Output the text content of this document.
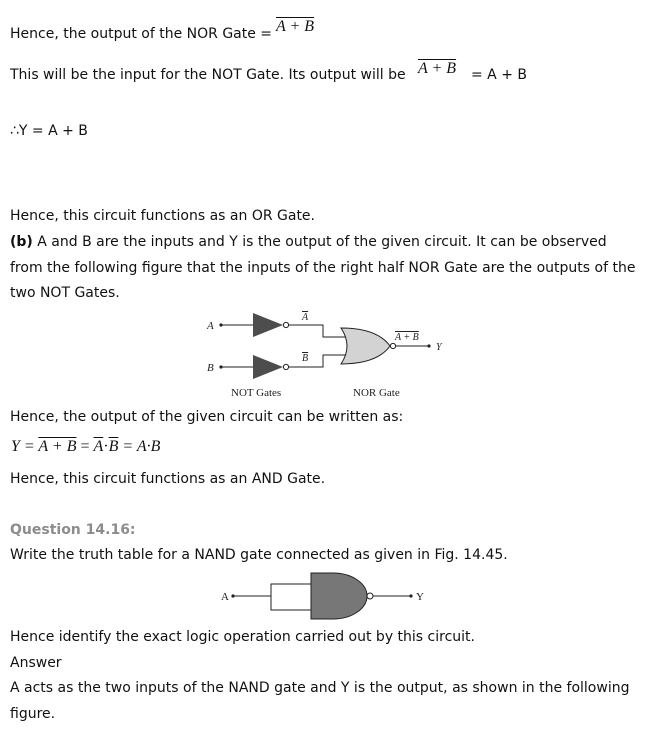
Hence, the output of the NOR Gate = A + B
This will be the input for the NOT Gate. Its output will be A + B = A + B
∴Y = A + B
Hence, this circuit functions as an OR Gate.
(b) A and B are the inputs and Y is the output of the given circuit. It can be observed
from the following figure that the inputs of the right half NOR Gate are the outputs of the
two NOT Gates.
A
B
A
B
A + B
Y
NOT Gates	NOR Gate
Hence, the output of the given circuit can be written as:
$Y = A + B = \overline{A}\cdot\overline{B} = A\cdot B$
Hence, this circuit functions as an AND Gate.
Question 14.16:
Write the truth table for a NAND gate connected as given in Fig. 14.45.
A	Y
Hence identify the exact logic operation carried out by this circuit.
Answer
A acts as the two inputs of the NAND gate and Y is the output, as shown in the following
figure.
